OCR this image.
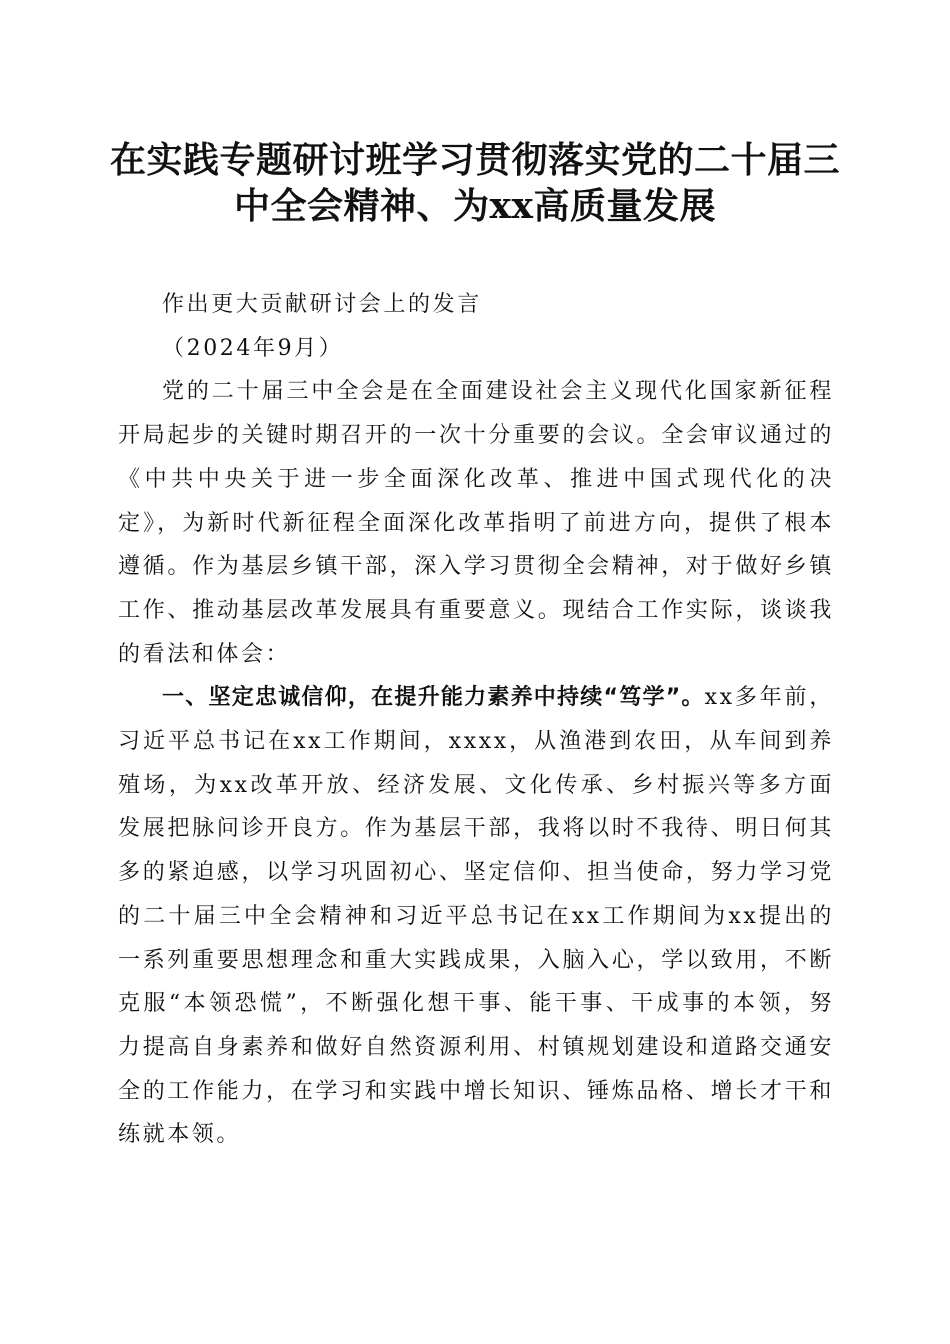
在实践专题研讨班学习贯彻落实党的二十届三
中全会精神、为xx高质量发展

作出更大贡献研讨会上的发言

（2024年9月）

党的二十届三中全会是在全面建设社会主义现代化国家新征程开局起步的关键时期召开的一次十分重要的会议。全会审议通过的《中共中央关于进一步全面深化改革、推进中国式现代化的决定》，为新时代新征程全面深化改革指明了前进方向，提供了根本遵循。作为基层乡镇干部，深入学习贯彻全会精神，对于做好乡镇工作、推动基层改革发展具有重要意义。现结合工作实际，谈谈我的看法和体会：

一、坚定忠诚信仰，在提升能力素养中持续“笃学”。xx多年前，习近平总书记在xx工作期间，xxxx，从渔港到农田，从车间到养殖场，为xx改革开放、经济发展、文化传承、乡村振兴等多方面发展把脉问诊开良方。作为基层干部，我将以时不我待、明日何其多的紧迫感，以学习巩固初心、坚定信仰、担当使命，努力学习党的二十届三中全会精神和习近平总书记在xx工作期间为xx提出的一系列重要思想理念和重大实践成果，入脑入心，学以致用，不断克服“本领恐慌”，不断强化想干事、能干事、干成事的本领，努力提高自身素养和做好自然资源利用、村镇规划建设和道路交通安全的工作能力，在学习和实践中增长知识、锤炼品格、增长才干和练就本领。
